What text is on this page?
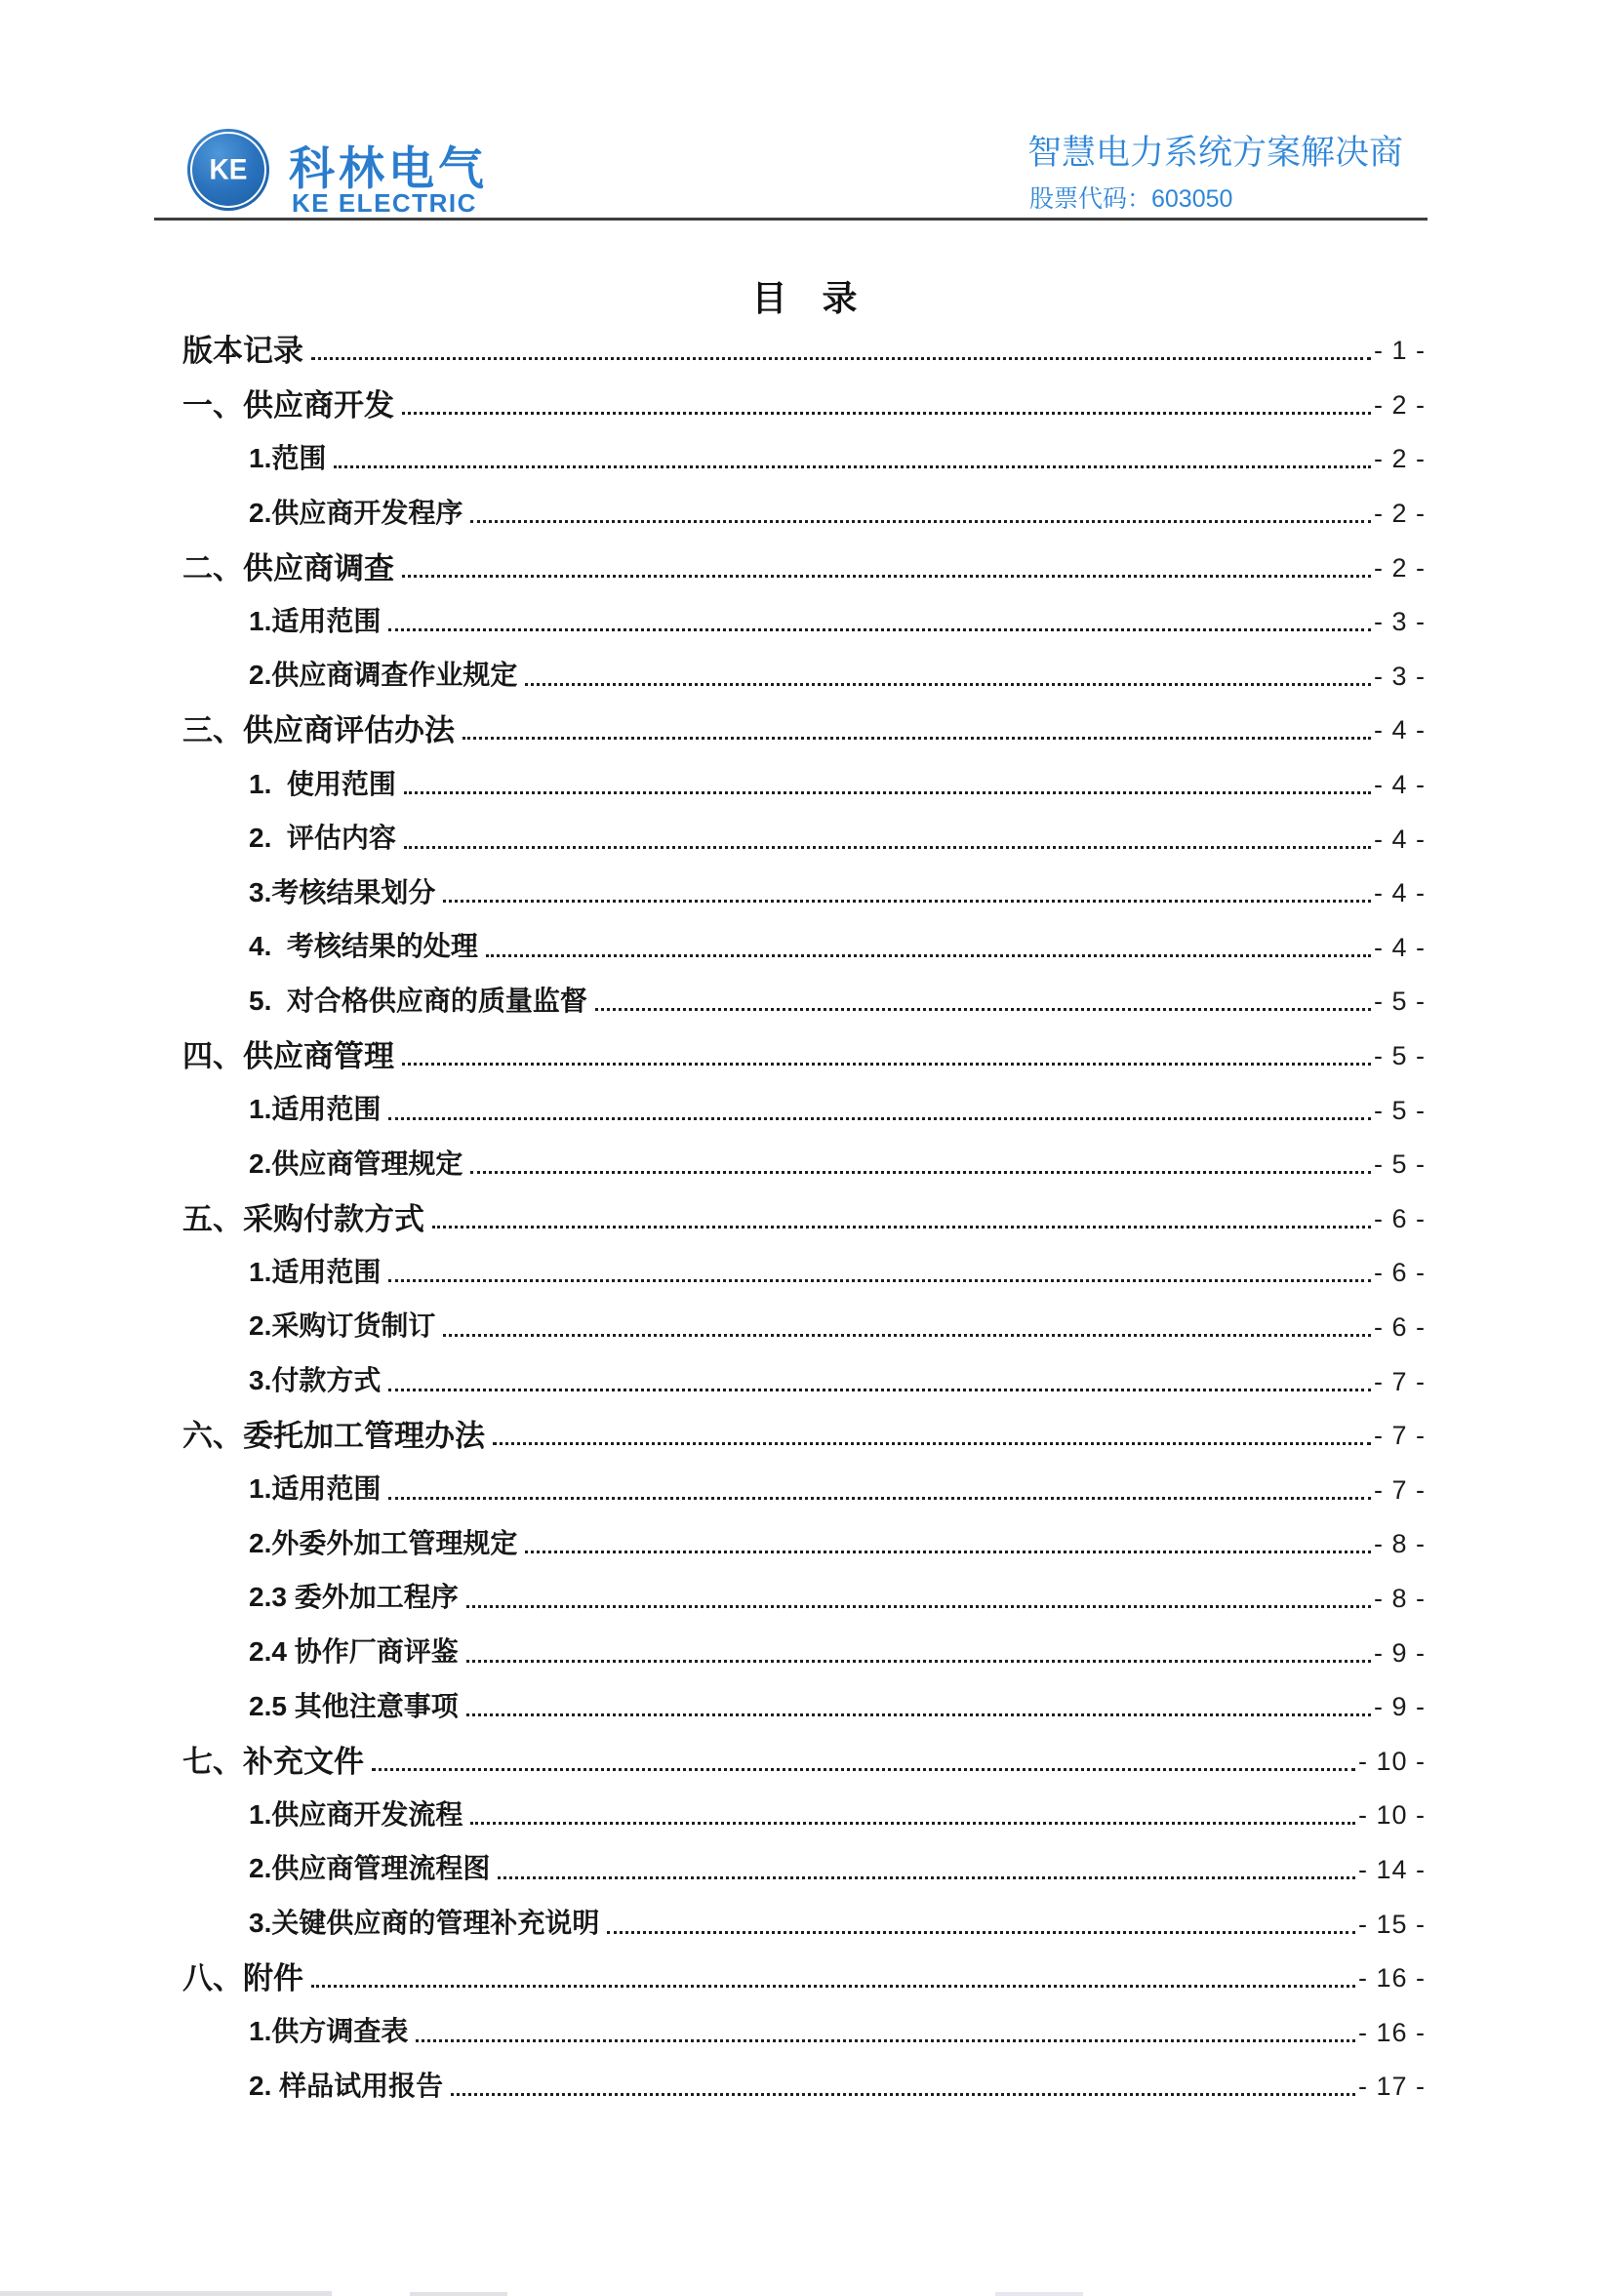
KE 科林电气
KE ELECTRIC
智慧电力系统方案解决商
股票代码：603050
目　录
版本记录	- 1 -
一、供应商开发	- 2 -
1.范围	- 2 -
2.供应商开发程序	- 2 -
二、供应商调查	- 2 -
1.适用范围	- 3 -
2.供应商调查作业规定	- 3 -
三、供应商评估办法	- 4 -
1.  使用范围	- 4 -
2.  评估内容	- 4 -
3.考核结果划分	- 4 -
4.  考核结果的处理	- 4 -
5.  对合格供应商的质量监督	- 5 -
四、供应商管理	- 5 -
1.适用范围	- 5 -
2.供应商管理规定	- 5 -
五、采购付款方式	- 6 -
1.适用范围	- 6 -
2.采购订货制订	- 6 -
3.付款方式	- 7 -
六、委托加工管理办法	- 7 -
1.适用范围	- 7 -
2.外委外加工管理规定	- 8 -
2.3 委外加工程序	- 8 -
2.4 协作厂商评鉴	- 9 -
2.5 其他注意事项	- 9 -
七、补充文件	- 10 -
1.供应商开发流程	- 10 -
2.供应商管理流程图	- 14 -
3.关键供应商的管理补充说明	- 15 -
八、附件	- 16 -
1.供方调查表	- 16 -
2. 样品试用报告	- 17 -
